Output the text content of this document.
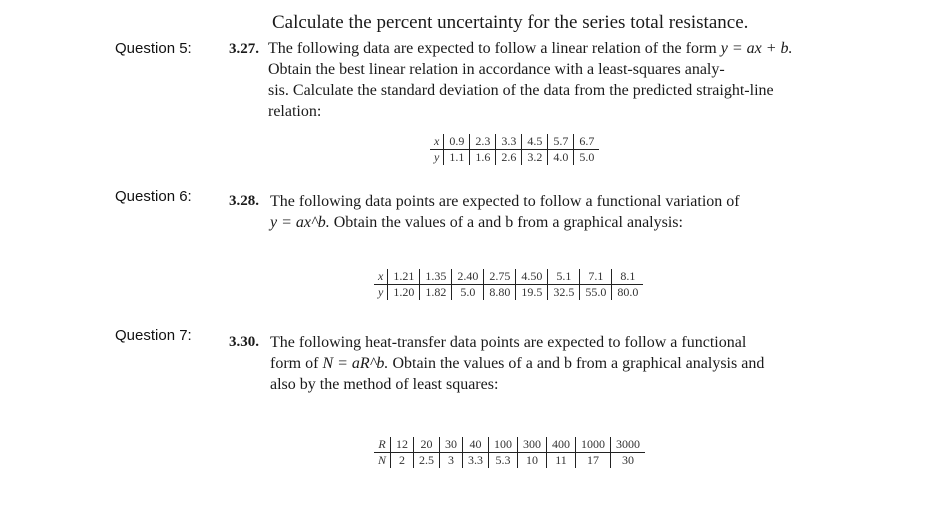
Calculate the percent uncertainty for the series total resistance.
Question 5: 3.27. The following data are expected to follow a linear relation of the form y = ax + b.
Obtain the best linear relation in accordance with a least-squares analy-
sis. Calculate the standard deviation of the data from the predicted straight-line
relation:
x	0.9	2.3	3.3	4.5	5.7	6.7
y	1.1	1.6	2.6	3.2	4.0	5.0
Question 6: 3.28. The following data points are expected to follow a functional variation of
y = ax^b. Obtain the values of a and b from a graphical analysis:
x	1.21	1.35	2.40	2.75	4.50	5.1	7.1	8.1
y	1.20	1.82	5.0	8.80	19.5	32.5	55.0	80.0
Question 7: 3.30. The following heat-transfer data points are expected to follow a functional
form of N = aR^b. Obtain the values of a and b from a graphical analysis and
also by the method of least squares:
R	12	20	30	40	100	300	400	1000	3000
N	2	2.5	3	3.3	5.3	10	11	17	30
